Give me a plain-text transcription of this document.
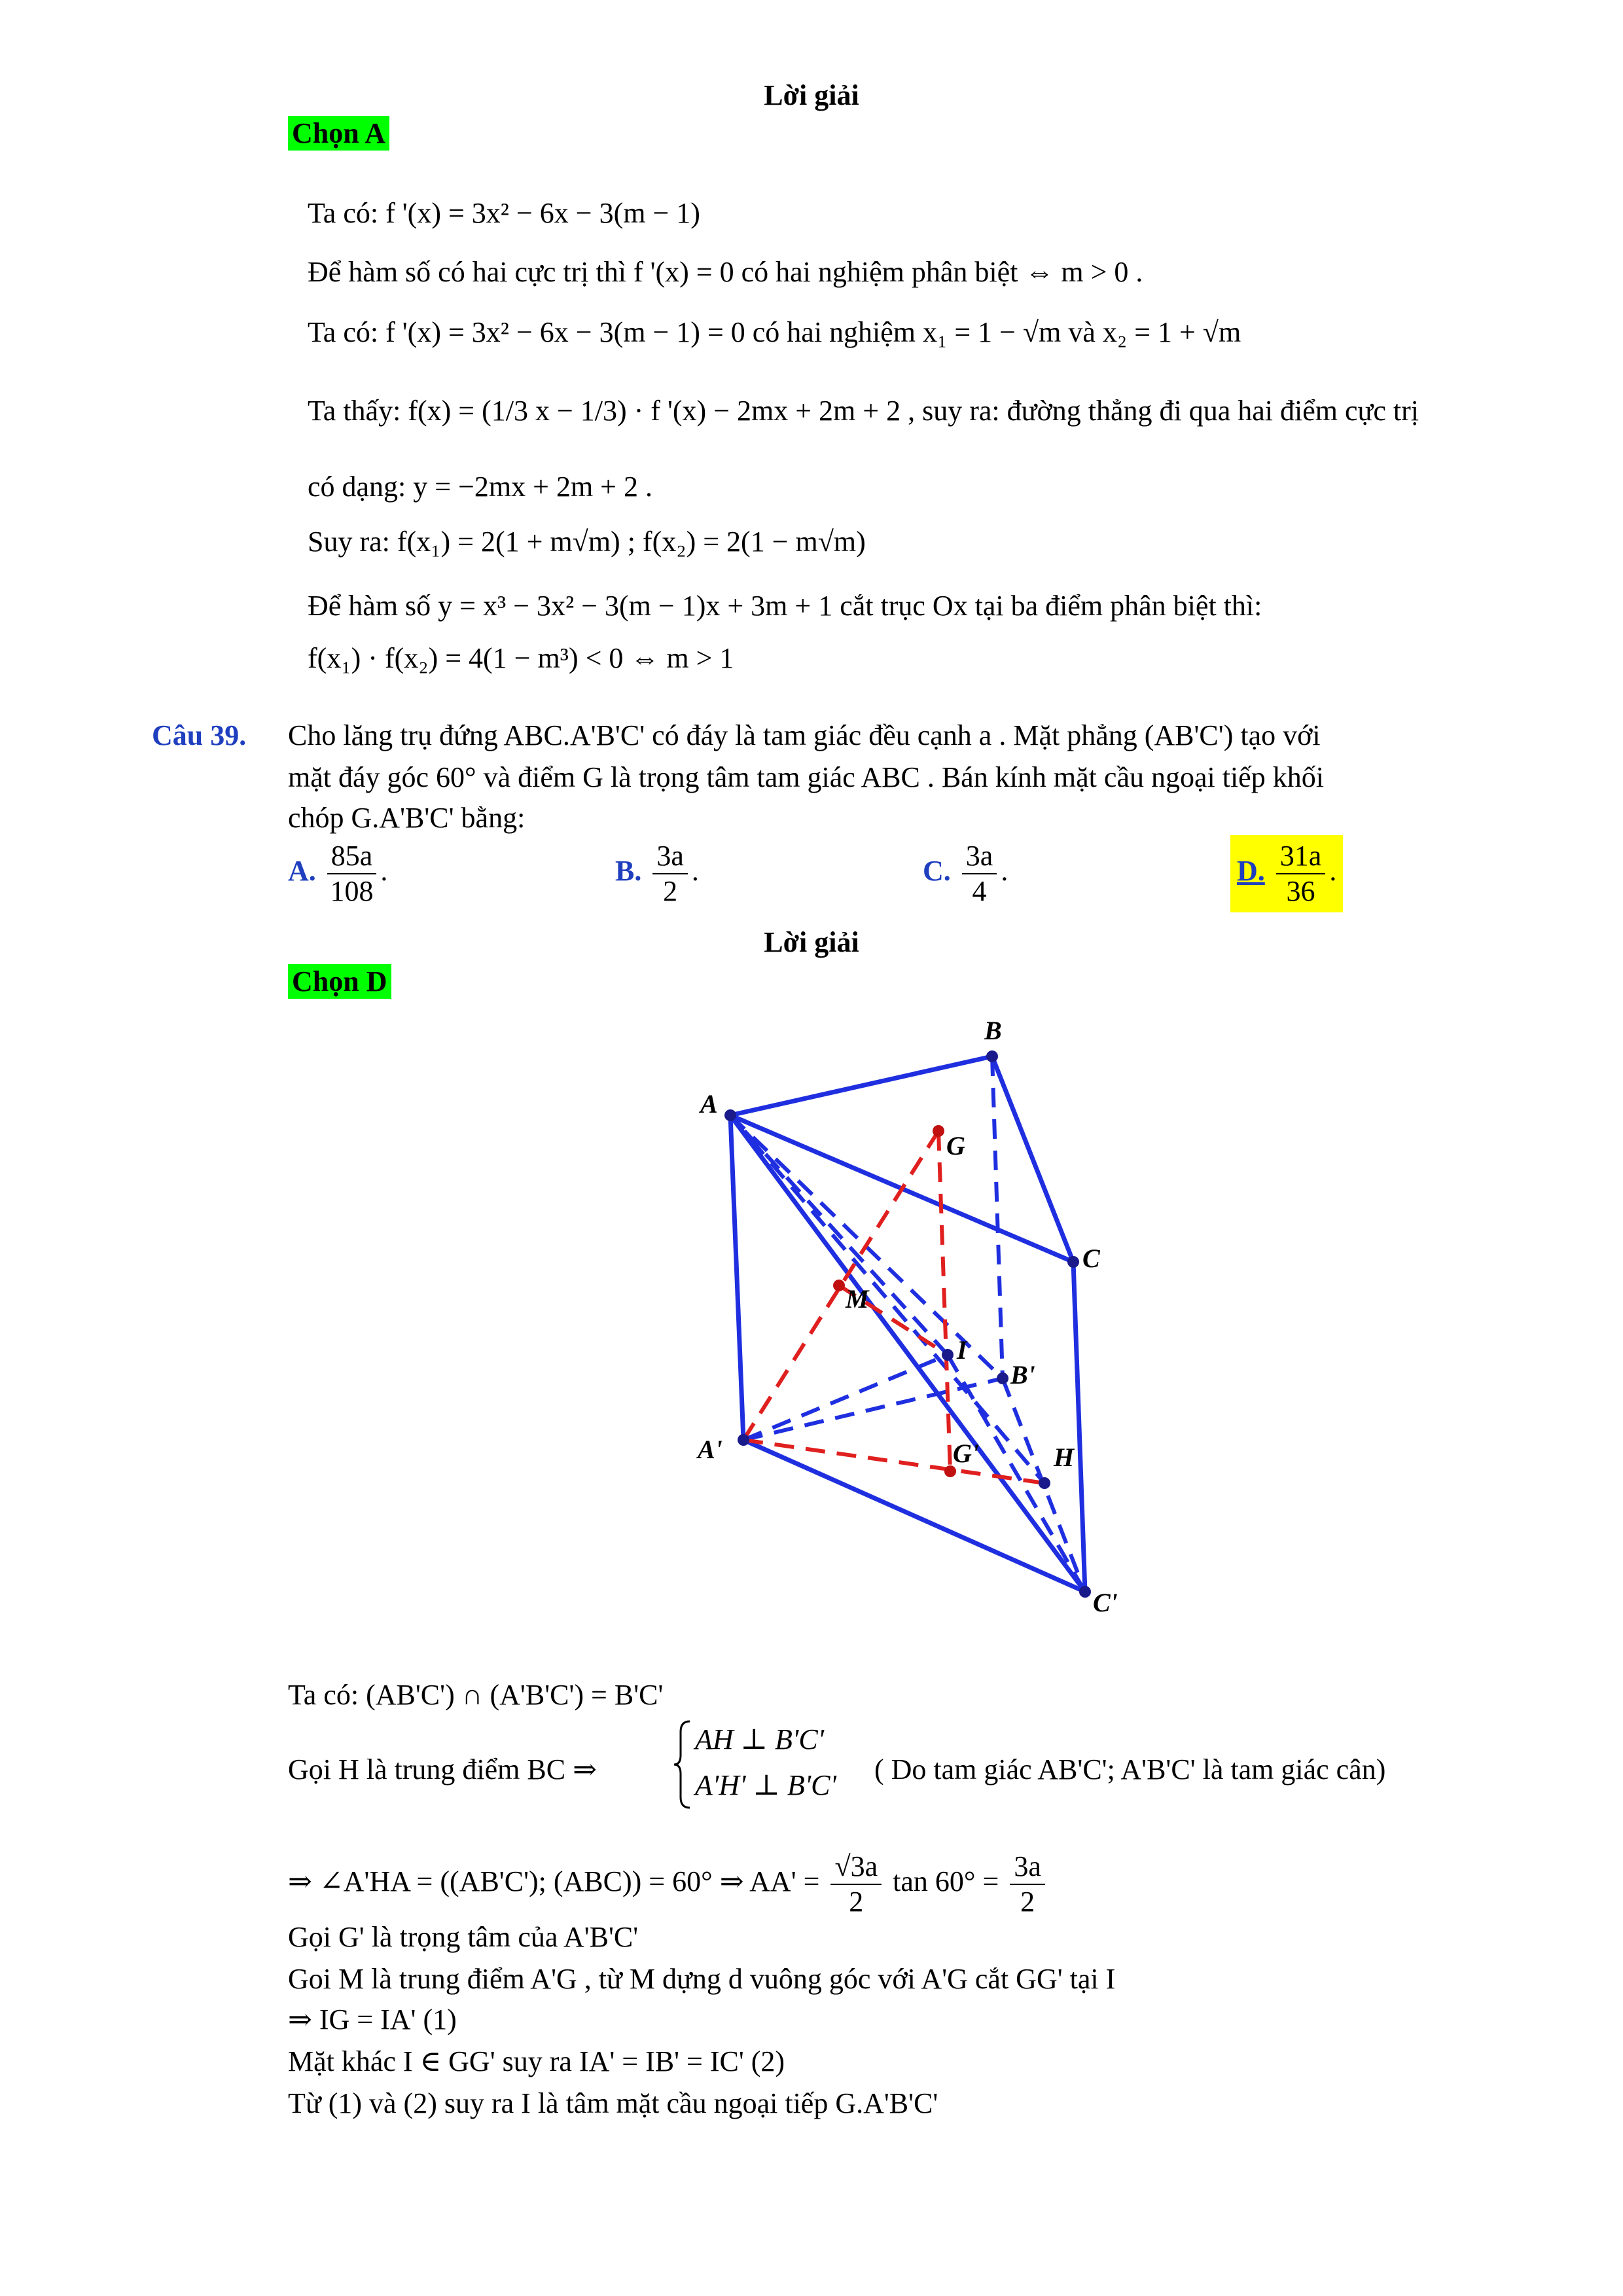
Lời giải
Chọn A
Ta có: f '(x) = 3x² − 6x − 3(m − 1)
Để hàm số có hai cực trị thì f '(x) = 0 có hai nghiệm phân biệt ⇔ m > 0 .
Ta có: f '(x) = 3x² − 6x − 3(m − 1) = 0 có hai nghiệm x₁ = 1 − √m và x₂ = 1 + √m
Ta thấy: f(x) = (1/3 x − 1/3) · f '(x) − 2mx + 2m + 2 , suy ra: đường thẳng đi qua hai điểm cực trị
có dạng: y = −2mx + 2m + 2 .
Suy ra: f(x₁) = 2(1 + m√m) ; f(x₂) = 2(1 − m√m)
Để hàm số y = x³ − 3x² − 3(m − 1)x + 3m + 1 cắt trục Ox tại ba điểm phân biệt thì:
f(x₁) · f(x₂) = 4(1 − m³) < 0 ⇔ m > 1
Câu 39. Cho lăng trụ đứng ABC.A'B'C' có đáy là tam giác đều cạnh a . Mặt phẳng (AB'C') tạo với
mặt đáy góc 60° và điểm G là trọng tâm tam giác ABC . Bán kính mặt cầu ngoại tiếp khối
chóp G.A'B'C' bằng:
A. $\frac{85a}{108}$ .	B. $\frac{3a}{2}$ .	C. $\frac{3a}{4}$ .	D. $\frac{31a}{36}$ .
Lời giải
Chọn D
A
B
C
G
M
I
B'
A'	G'	H
C'
Ta có: (AB'C') ∩ (A'B'C') = B'C'
Gọi H là trung điểm BC ⇒
AH ⊥ B'C'
A'H' ⊥ B'C' ( Do tam giác AB'C'; A'B'C' là tam giác cân)
⇒ ∠A'HA = ((AB'C'); (ABC)) = 60° ⇒ $AA' = \frac{√3a}{2}$ $\tan 60^\circ = \frac{3a}{2}$
Gọi G' là trọng tâm của A'B'C'
Goi M là trung điểm A'G , từ M dựng d vuông góc với A'G cắt GG' tại I
⇒ IG = IA' (1)
Mặt khác I ∈ GG' suy ra IA' = IB' = IC' (2)
Từ (1) và (2) suy ra I là tâm mặt cầu ngoại tiếp G.A'B'C'
